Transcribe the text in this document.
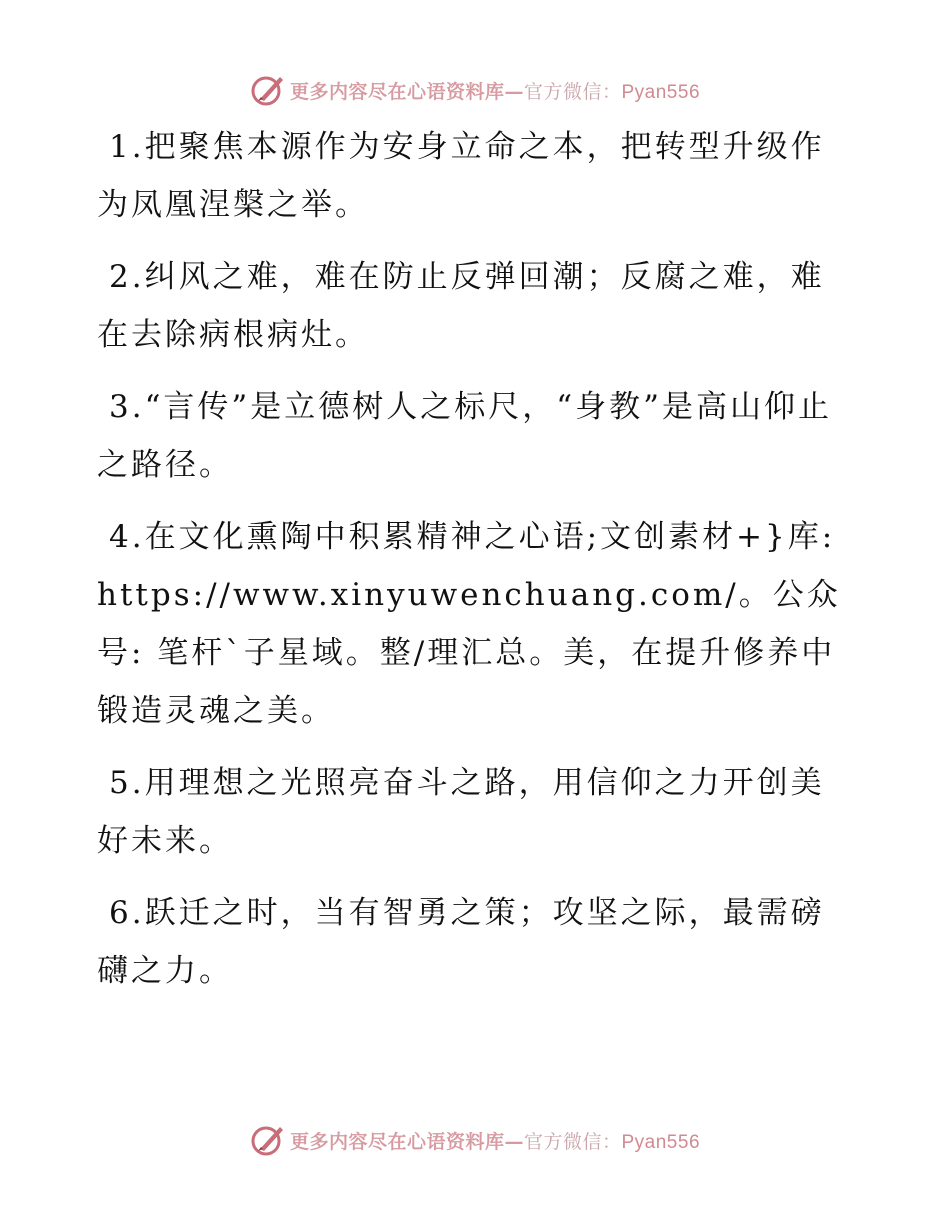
更多内容尽在心语资料库—官方微信：Pyan556

1.把聚焦本源作为安身立命之本，把转型升级作为凤凰涅槃之举。

2.纠风之难，难在防止反弹回潮；反腐之难，难在去除病根病灶。

3.“言传”是立德树人之标尺，“身教”是高山仰止之路径。

4.在文化熏陶中积累精神之心语;文创素材+}库:https://www.xinyuwenchuang.com/。公众号: 笔杆`子星域。整/理汇总。美，在提升修养中锻造灵魂之美。

5.用理想之光照亮奋斗之路，用信仰之力开创美好未来。

6.跃迁之时，当有智勇之策；攻坚之际，最需磅礴之力。

更多内容尽在心语资料库—官方微信：Pyan556
